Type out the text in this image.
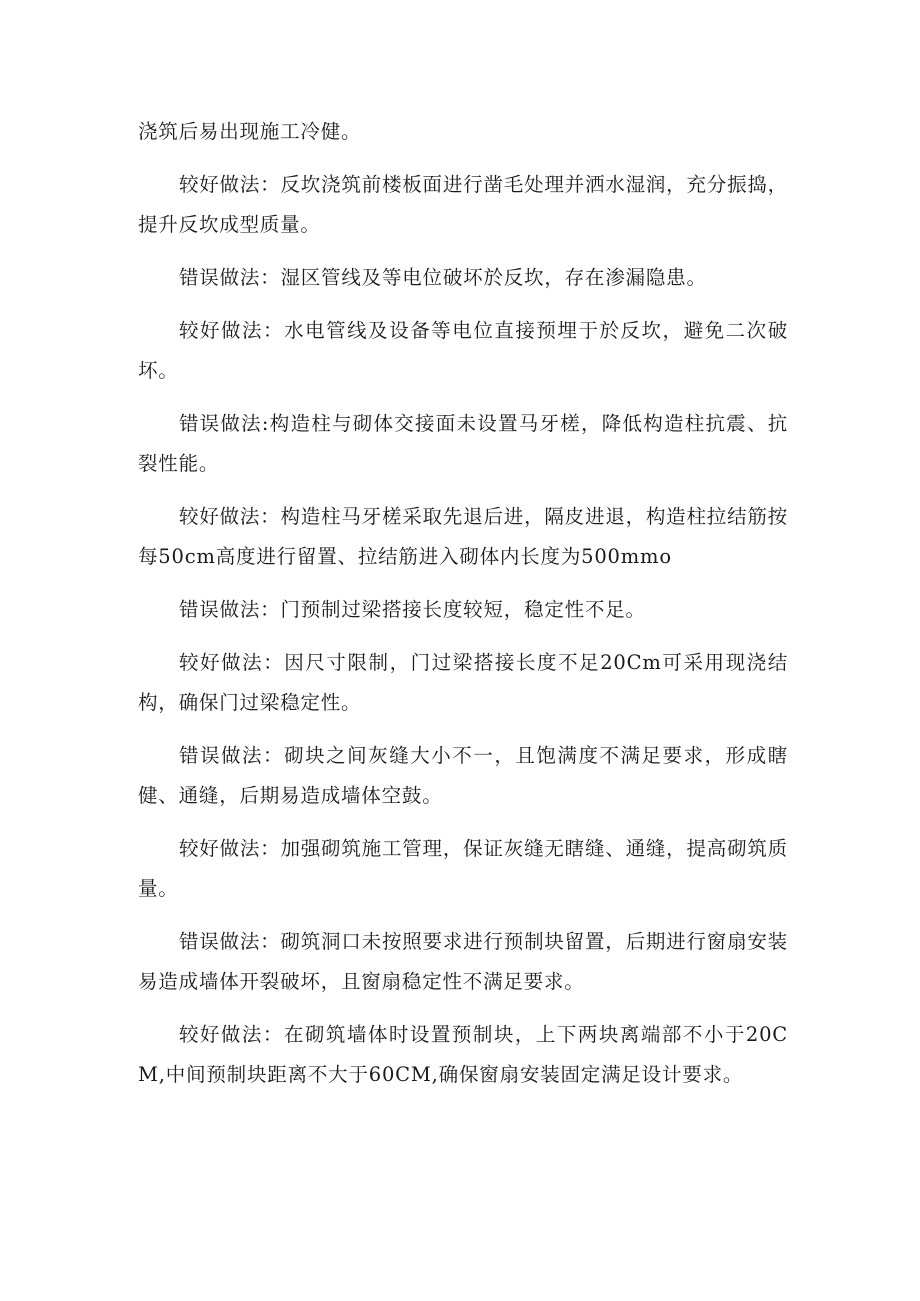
浇筑后易出现施工冷健。

较好做法：反坎浇筑前楼板面进行凿毛处理并洒水湿润，充分振捣，提升反坎成型质量。

错误做法：湿区管线及等电位破坏於反坎，存在渗漏隐患。

较好做法：水电管线及设备等电位直接预埋于於反坎，避免二次破坏。

错误做法:构造柱与砌体交接面未设置马牙槎，降低构造柱抗震、抗裂性能。

较好做法：构造柱马牙槎采取先退后进，隔皮进退，构造柱拉结筋按每50cm高度进行留置、拉结筋进入砌体内长度为500mmo

错误做法：门预制过梁搭接长度较短，稳定性不足。

较好做法：因尺寸限制，门过梁搭接长度不足20Cm可采用现浇结构，确保门过梁稳定性。

错误做法：砌块之间灰缝大小不一，且饱满度不满足要求，形成瞎健、通缝，后期易造成墙体空鼓。

较好做法：加强砌筑施工管理，保证灰缝无瞎缝、通缝，提高砌筑质量。

错误做法：砌筑洞口未按照要求进行预制块留置，后期进行窗扇安装易造成墙体开裂破坏，且窗扇稳定性不满足要求。

较好做法：在砌筑墙体时设置预制块，上下两块离端部不小于20CM,中间预制块距离不大于60CM,确保窗扇安装固定满足设计要求。
